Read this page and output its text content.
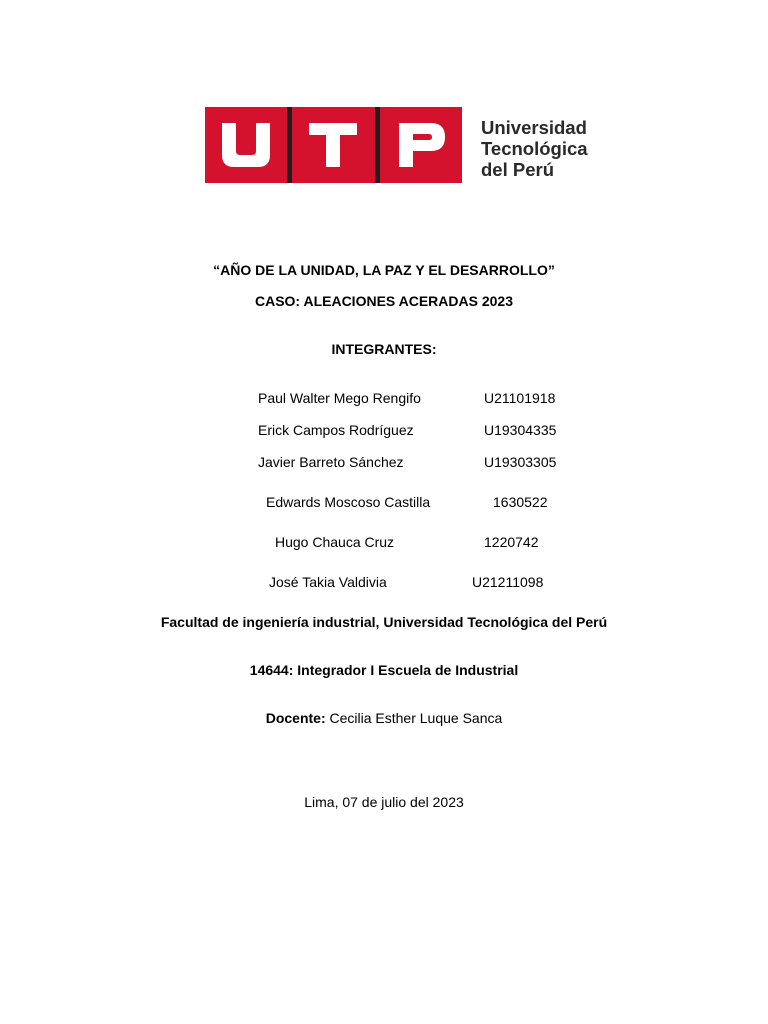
Universidad
Tecnológica
del Perú
“AÑO DE LA UNIDAD, LA PAZ Y EL DESARROLLO”
CASO: ALEACIONES ACERADAS 2023
INTEGRANTES:
Paul Walter Mego Rengifo	U21101918
Erick Campos Rodríguez	U19304335
Javier Barreto Sánchez	U19303305
Edwards Moscoso Castilla	1630522
Hugo Chauca Cruz	1220742
José Takia Valdivia	U21211098
Facultad de ingeniería industrial, Universidad Tecnológica del Perú
14644: Integrador I Escuela de Industrial
Docente: Cecilia Esther Luque Sanca
Lima, 07 de julio del 2023
